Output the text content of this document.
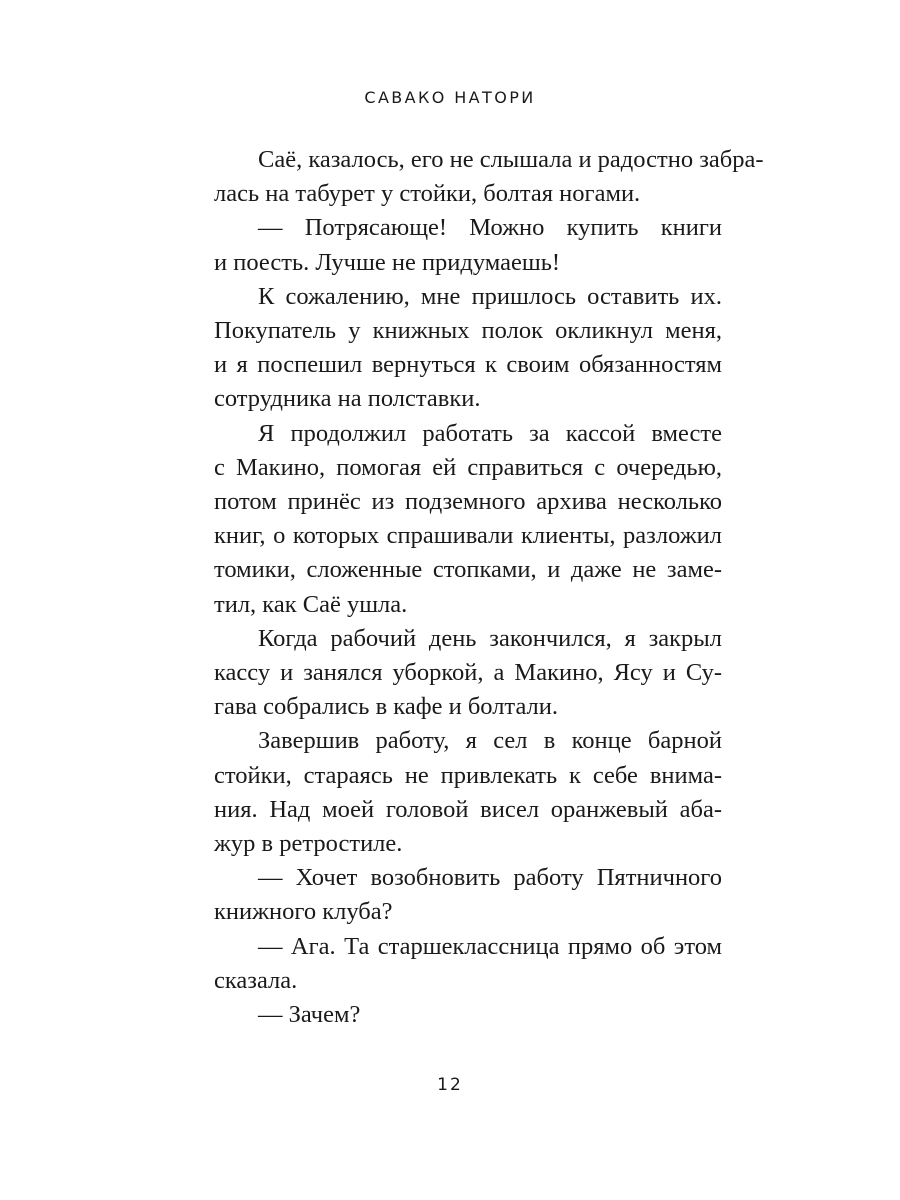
САВАКО НАТОРИ
Саё, казалось, его не слышала и радостно забра-
лась на табурет у стойки, болтая ногами.
— Потрясающе! Можно купить книги
и поесть. Лучше не придумаешь!
К сожалению, мне пришлось оставить их.
Покупатель у книжных полок окликнул меня,
и я поспешил вернуться к своим обязанностям
сотрудника на полставки.
Я продолжил работать за кассой вместе
с Макино, помогая ей справиться с очередью,
потом принёс из подземного архива несколько
книг, о которых спрашивали клиенты, разложил
томики, сложенные стопками, и даже не заме-
тил, как Саё ушла.
Когда рабочий день закончился, я закрыл
кассу и занялся уборкой, а Макино, Ясу и Су-
гава собрались в кафе и болтали.
Завершив работу, я сел в конце барной
стойки, стараясь не привлекать к себе внима-
ния. Над моей головой висел оранжевый аба-
жур в ретростиле.
— Хочет возобновить работу Пятничного
книжного клуба?
— Ага. Та старшеклассница прямо об этом
сказала.
— Зачем?
12
